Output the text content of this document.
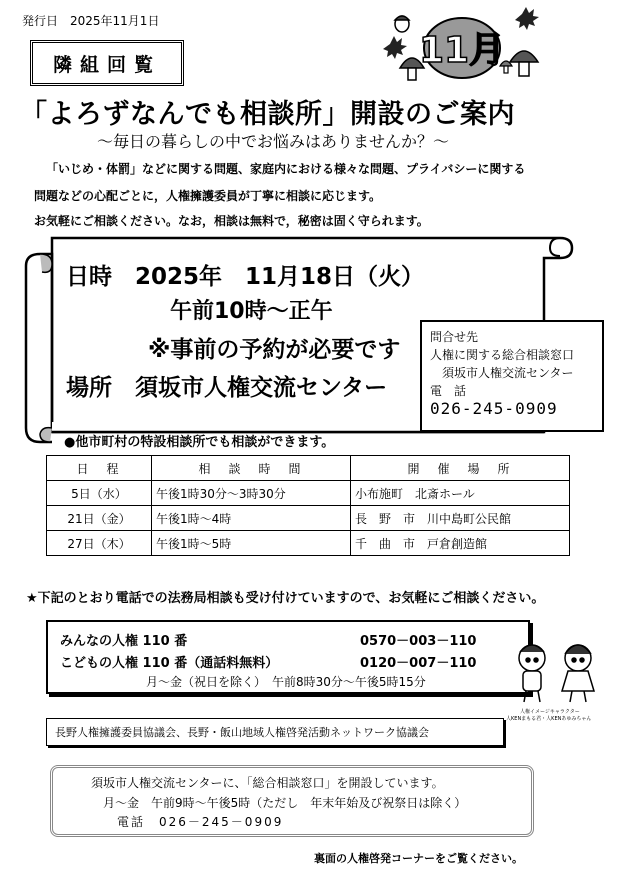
発行日　2025年11月1日
隣組回覧	11月
「よろずなんでも相談所」開設のご案内
～毎日の暮らしの中でお悩みはありませんか？～
「いじめ・体罰」などに関する問題、家庭内における様々な問題、プライバシーに関する
問題などの心配ごとに，人権擁護委員が丁寧に相談に応じます。
お気軽にご相談ください。なお，相談は無料で，秘密は固く守られます。
日時　2025年　11月18日（火）
午前10時～正午
※事前の予約が必要です
場所　須坂市人権交流センター
問合せ先
人権に関する総合相談窓口
須坂市人権交流センター
電　話
026-245-0909
●他市町村の特設相談所でも相談ができます。
日　程	相　談　時　間	開　催　場　所
5日（水）	午後1時30分～3時30分	小布施町　北斎ホール
21日（金）	午後1時～4時	長　野　市　川中島町公民館
27日（木）	午後1時～5時	千　曲　市　戸倉創造館
★下記のとおり電話での法務局相談も受け付けていますので、お気軽にご相談ください。
みんなの人権 110 番	0570－003－110
こどもの人権 110 番（通話料無料）	0120－007－110
月～金（祝日を除く）　午前8時30分～午後5時15分
人権イメージキャラクター
人KENまもる君・人KENあゆみちゃん
長野人権擁護委員協議会、長野・飯山地域人権啓発活動ネットワーク協議会
須坂市人権交流センターに、「総合相談窓口」を開設しています。
月～金　午前9時～午後5時（ただし　年末年始及び祝祭日は除く）
電話　026－245－0909
裏面の人権啓発コーナーをご覧ください。
